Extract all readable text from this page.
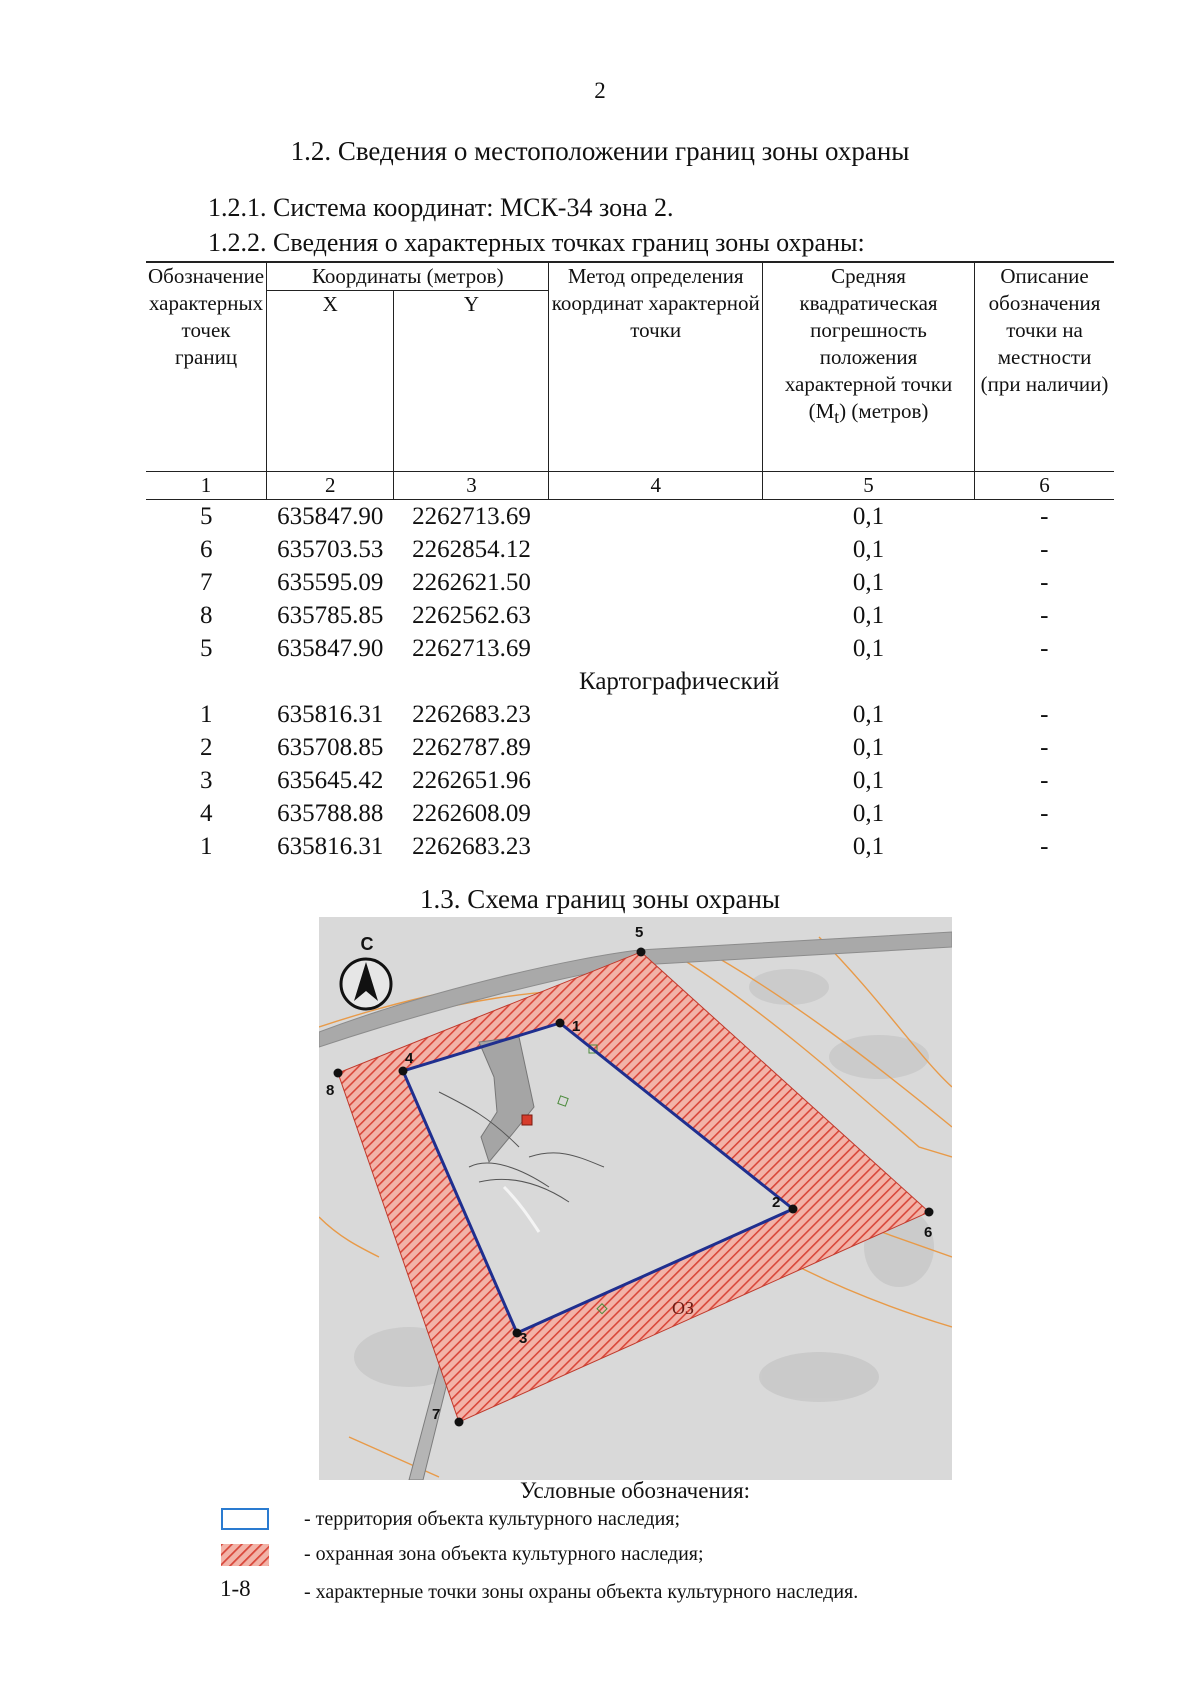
2
1.2. Сведения о местоположении границ зоны охраны
1.2.1. Система координат: МСК-34 зона 2.
1.2.2. Сведения о характерных точках границ зоны охраны:
Обозначение характерных точек границ	Координаты (метров)		Метод определения координат характерной точки	Средняя квадратическая погрешность положения характерной точки $(M_t)$ (метров)	Описание обозначения точки на местности (при наличии)
	X	Y			
1	2	3	4	5	6
5	635847.90	2262713.69		0,1	-
6	635703.53	2262854.12		0,1	-
7	635595.09	2262621.50		0,1	-
8	635785.85	2262562.63		0,1	-
5	635847.90	2262713.69		0,1	-
			Картографический		
1	635816.31	2262683.23		0,1	-
2	635708.85	2262787.89		0,1	-
3	635645.42	2262651.96		0,1	-
4	635788.88	2262608.09		0,1	-
1	635816.31	2262683.23		0,1	-
1.3. Схема границ зоны охраны
С
1
2
3
4
5
6
7
8
ОЗ
Условные обозначения:
1-8
- территория объекта культурного наследия;
- охранная зона объекта культурного наследия;
- характерные точки зоны охраны объекта культурного наследия.
